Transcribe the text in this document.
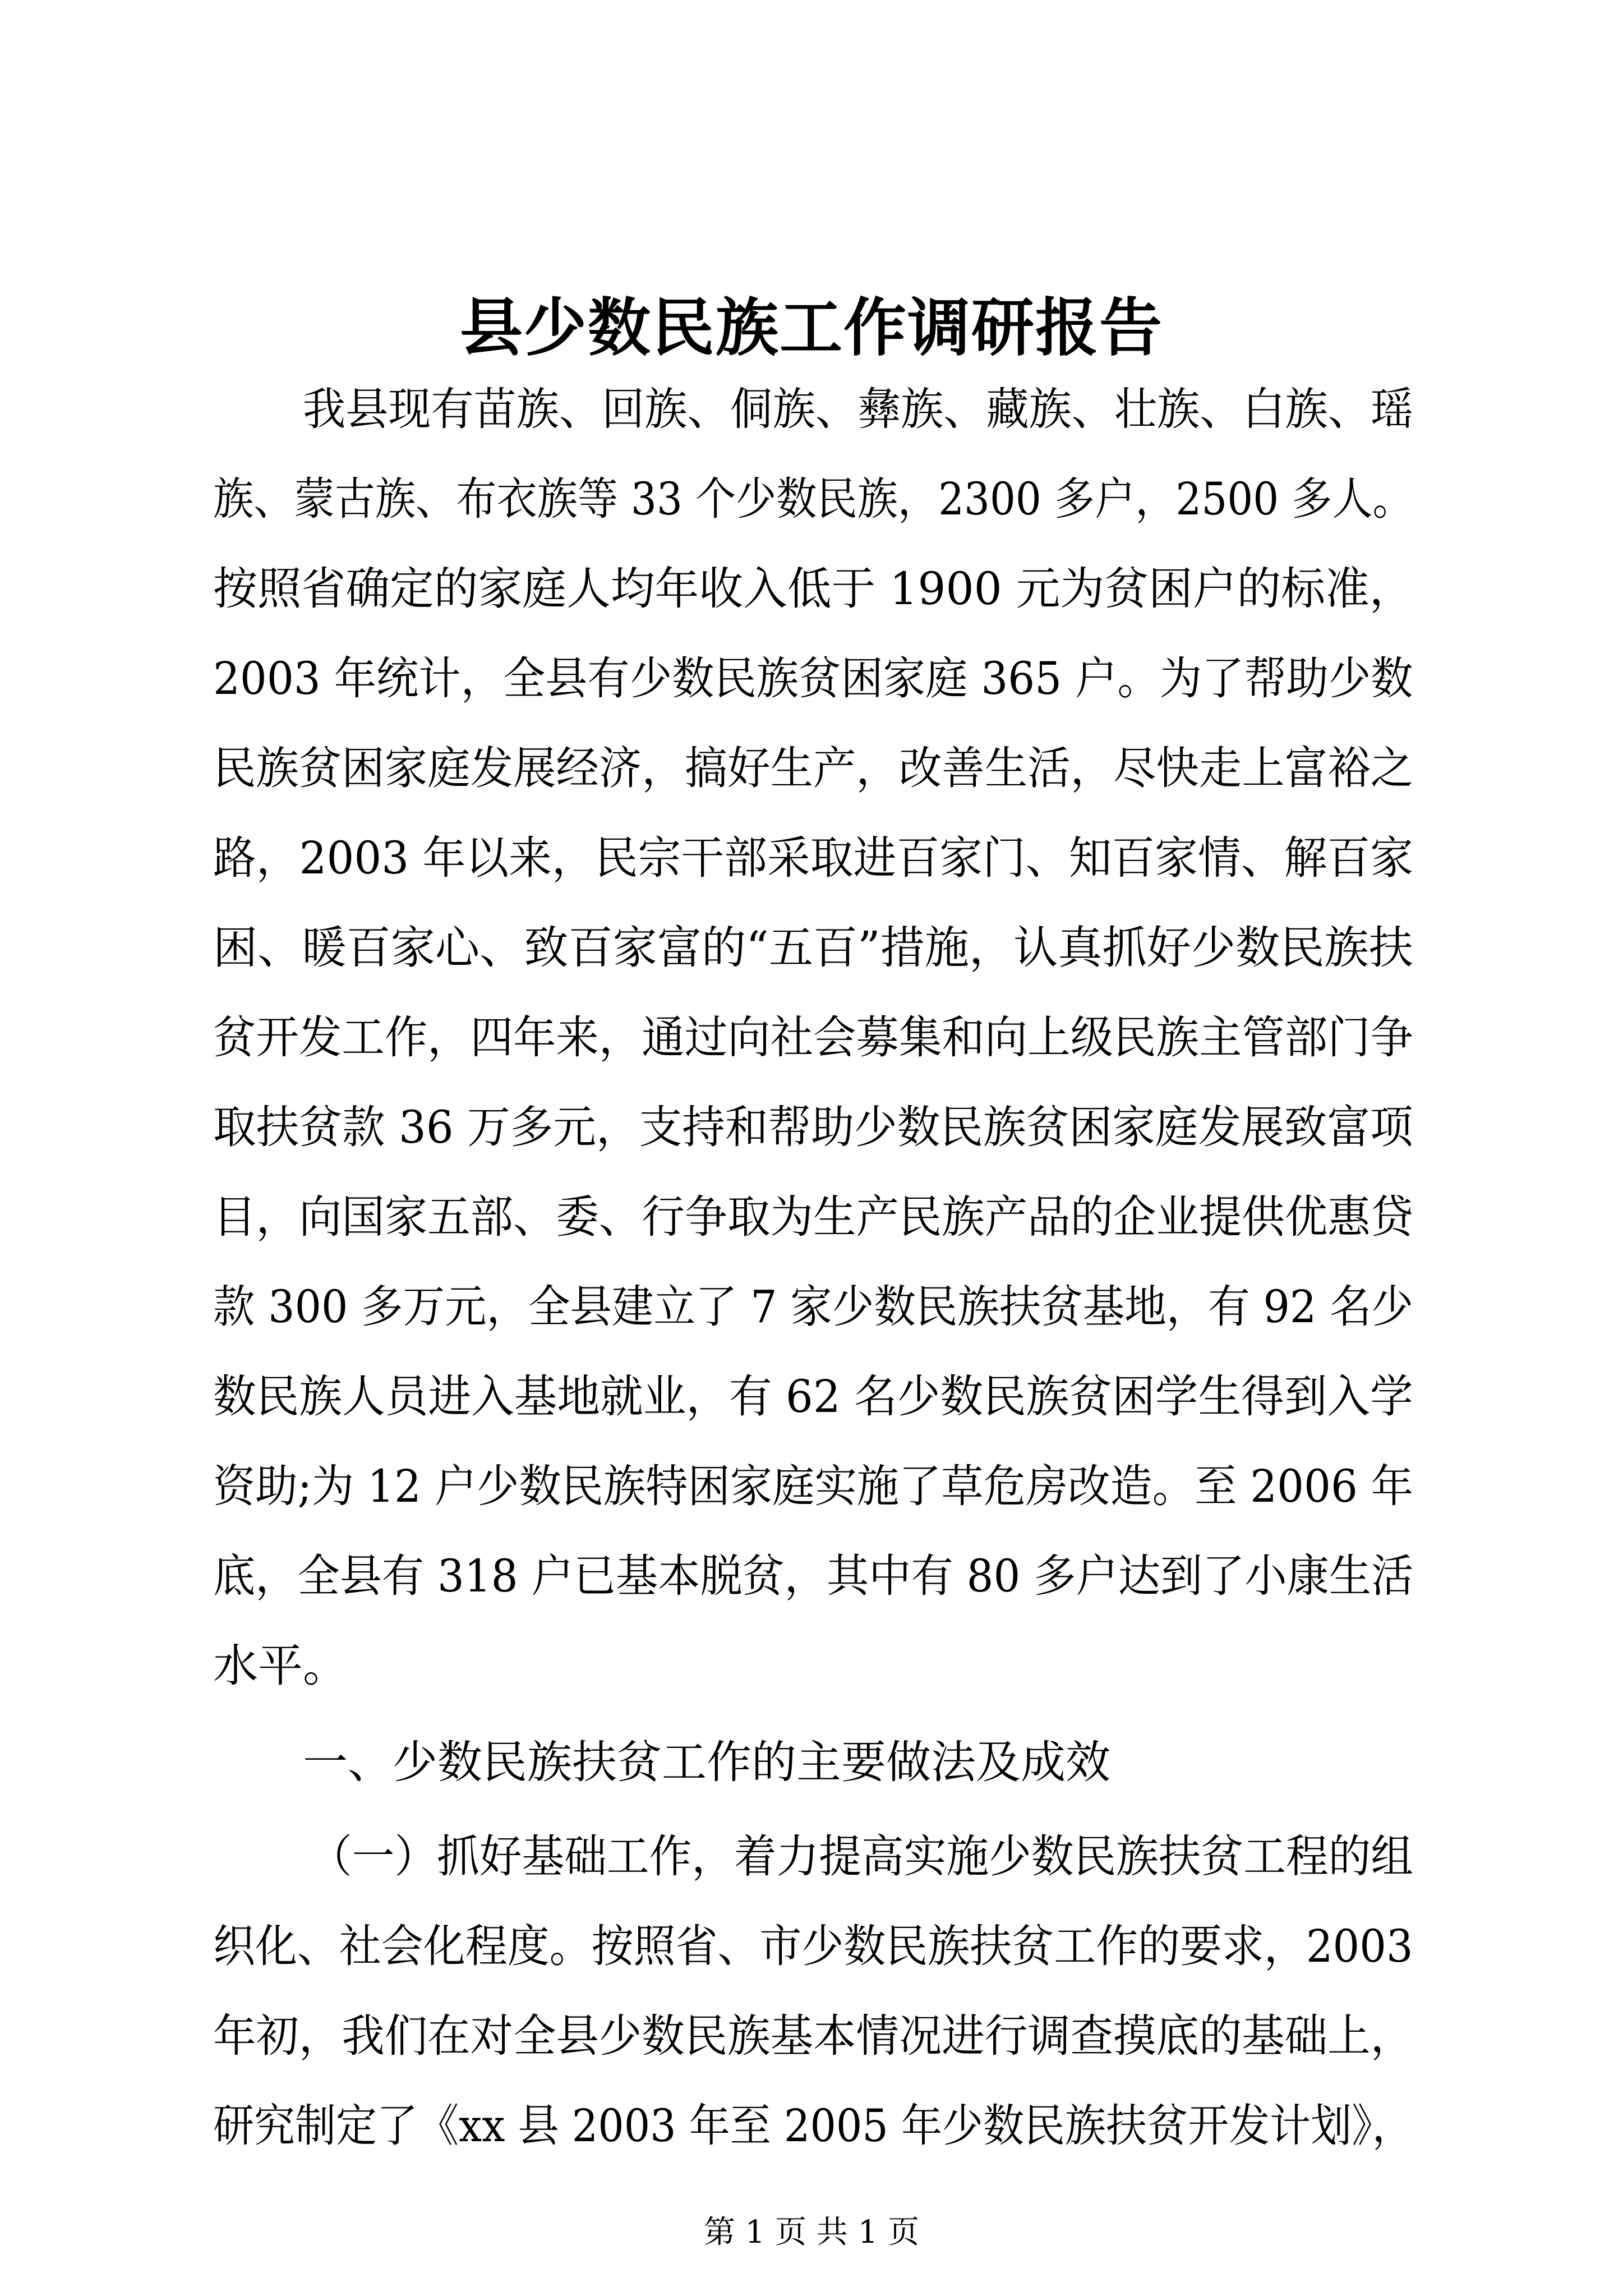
县少数民族工作调研报告
我县现有苗族、回族、侗族、彝族、藏族、壮族、白族、瑶
族、蒙古族、布衣族等 33 个少数民族，2300 多户，2500 多人。
按照省确定的家庭人均年收入低于 1900 元为贫困户的标准，
2003 年统计，全县有少数民族贫困家庭 365 户。为了帮助少数
民族贫困家庭发展经济，搞好生产，改善生活，尽快走上富裕之
路，2003 年以来，民宗干部采取进百家门、知百家情、解百家
困、暖百家心、致百家富的“五百”措施，认真抓好少数民族扶
贫开发工作，四年来，通过向社会募集和向上级民族主管部门争
取扶贫款 36 万多元，支持和帮助少数民族贫困家庭发展致富项
目，向国家五部、委、行争取为生产民族产品的企业提供优惠贷
款 300 多万元，全县建立了 7 家少数民族扶贫基地，有 92 名少
数民族人员进入基地就业，有 62 名少数民族贫困学生得到入学
资助;为 12 户少数民族特困家庭实施了草危房改造。至 2006 年
底，全县有 318 户已基本脱贫，其中有 80 多户达到了小康生活
水平。
一、少数民族扶贫工作的主要做法及成效
（一）抓好基础工作，着力提高实施少数民族扶贫工程的组
织化、社会化程度。按照省、市少数民族扶贫工作的要求，2003
年初，我们在对全县少数民族基本情况进行调查摸底的基础上，
研究制定了《xx 县 2003 年至 2005 年少数民族扶贫开发计划》，
第 1 页 共 1 页
